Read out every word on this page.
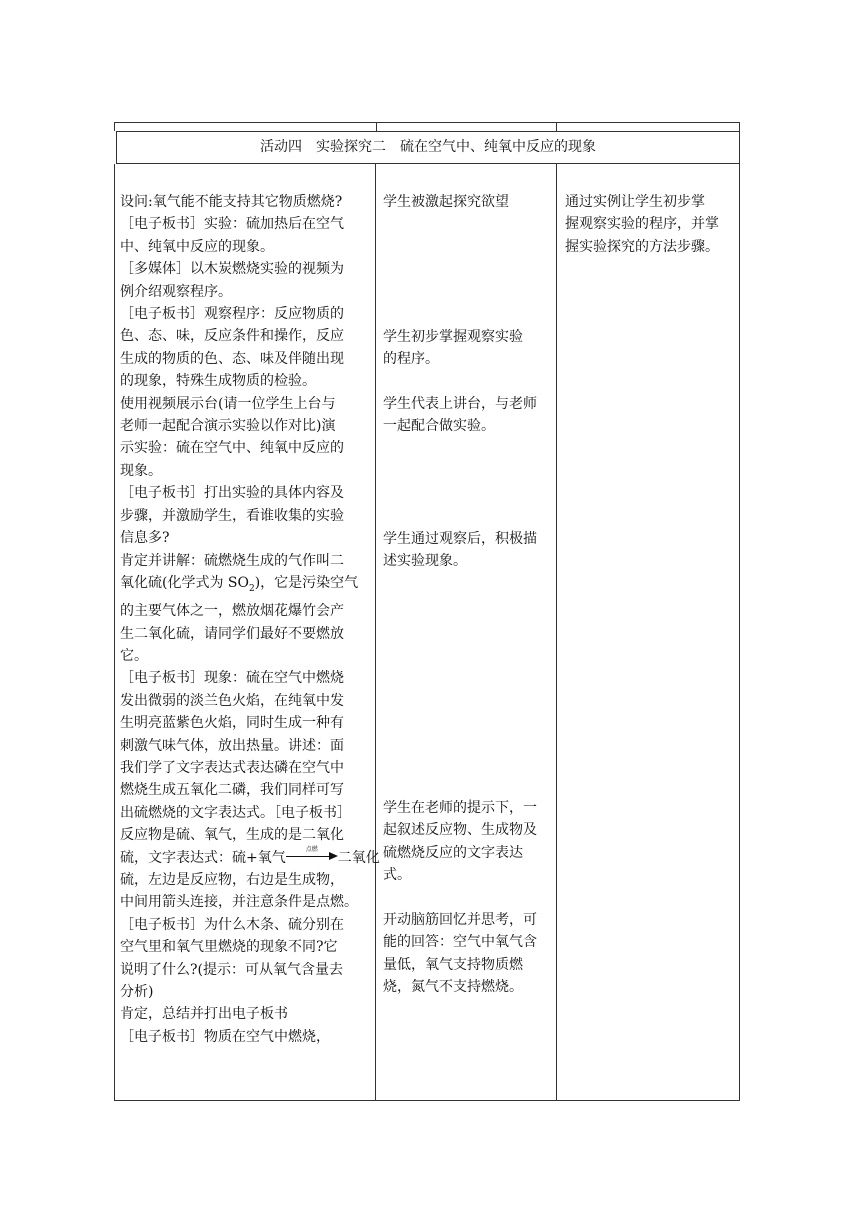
活动四　实验探究二　硫在空气中、纯氧中反应的现象

设问:氧气能不能支持其它物质燃烧?

［电子板书］实验：硫加热后在空气

中、纯氧中反应的现象。

［多媒体］以木炭燃烧实验的视频为

例介绍观察程序。

［电子板书］观察程序：反应物质的

色、态、味，反应条件和操作，反应

生成的物质的色、态、味及伴随出现

的现象，特殊生成物质的检验。

使用视频展示台(请一位学生上台与

老师一起配合演示实验以作对比)演

示实验：硫在空气中、纯氧中反应的

现象。

［电子板书］打出实验的具体内容及

步骤，并激励学生，看谁收集的实验

信息多?

肯定并讲解：硫燃烧生成的气作叫二

氧化硫(化学式为 $SO_2$)，它是污染空气

的主要气体之一，燃放烟花爆竹会产

生二氧化硫，请同学们最好不要燃放

它。

［电子板书］现象：硫在空气中燃烧

发出微弱的淡兰色火焰，在纯氧中发

生明亮蓝紫色火焰，同时生成一种有

刺激气味气体，放出热量。讲述：面

我们学了文字表达式表达磷在空气中

燃烧生成五氧化二磷，我们同样可写

出硫燃烧的文字表达式。［电子板书］

反应物是硫、氧气，生成的是二氧化

硫，文字表达式：硫+氧气
点燃
二氧化

硫，左边是反应物，右边是生成物，

中间用箭头连接，并注意条件是点燃。

［电子板书］为什么木条、硫分别在

空气里和氧气里燃烧的现象不同?它

说明了什么?(提示：可从氧气含量去

分析)

肯定，总结并打出电子板书

［电子板书］物质在空气中燃烧，

学生被激起探究欲望

学生初步掌握观察实验

的程序。

学生代表上讲台，与老师

一起配合做实验。

学生通过观察后，积极描

述实验现象。

学生在老师的提示下，一

起叙述反应物、生成物及

硫燃烧反应的文字表达

式。

开动脑筋回忆并思考，可

能的回答：空气中氧气含

量低，氧气支持物质燃

烧，氮气不支持燃烧。

通过实例让学生初步掌

握观察实验的程序，并掌

握实验探究的方法步骤。
